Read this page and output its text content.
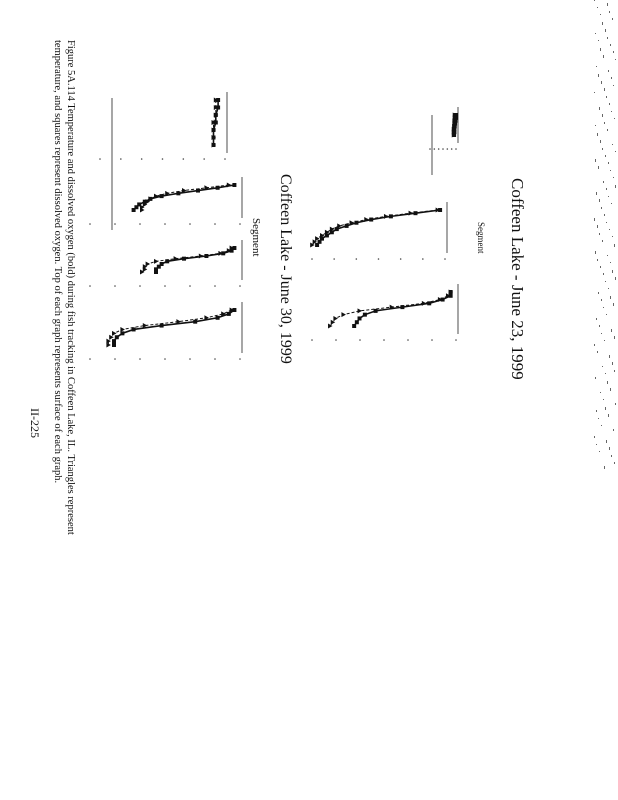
Coffeen Lake - June 23, 1999
Segment
Coffeen Lake - June 30, 1999
Segment
Figure 5A.114 Temperature and dissolved oxygen (bold) during fish tracking in Coffeen Lake, IL. Triangles represent
temperature, and squares represent dissolved oxygen. Top of each graph represents surface of each graph.
II-225
